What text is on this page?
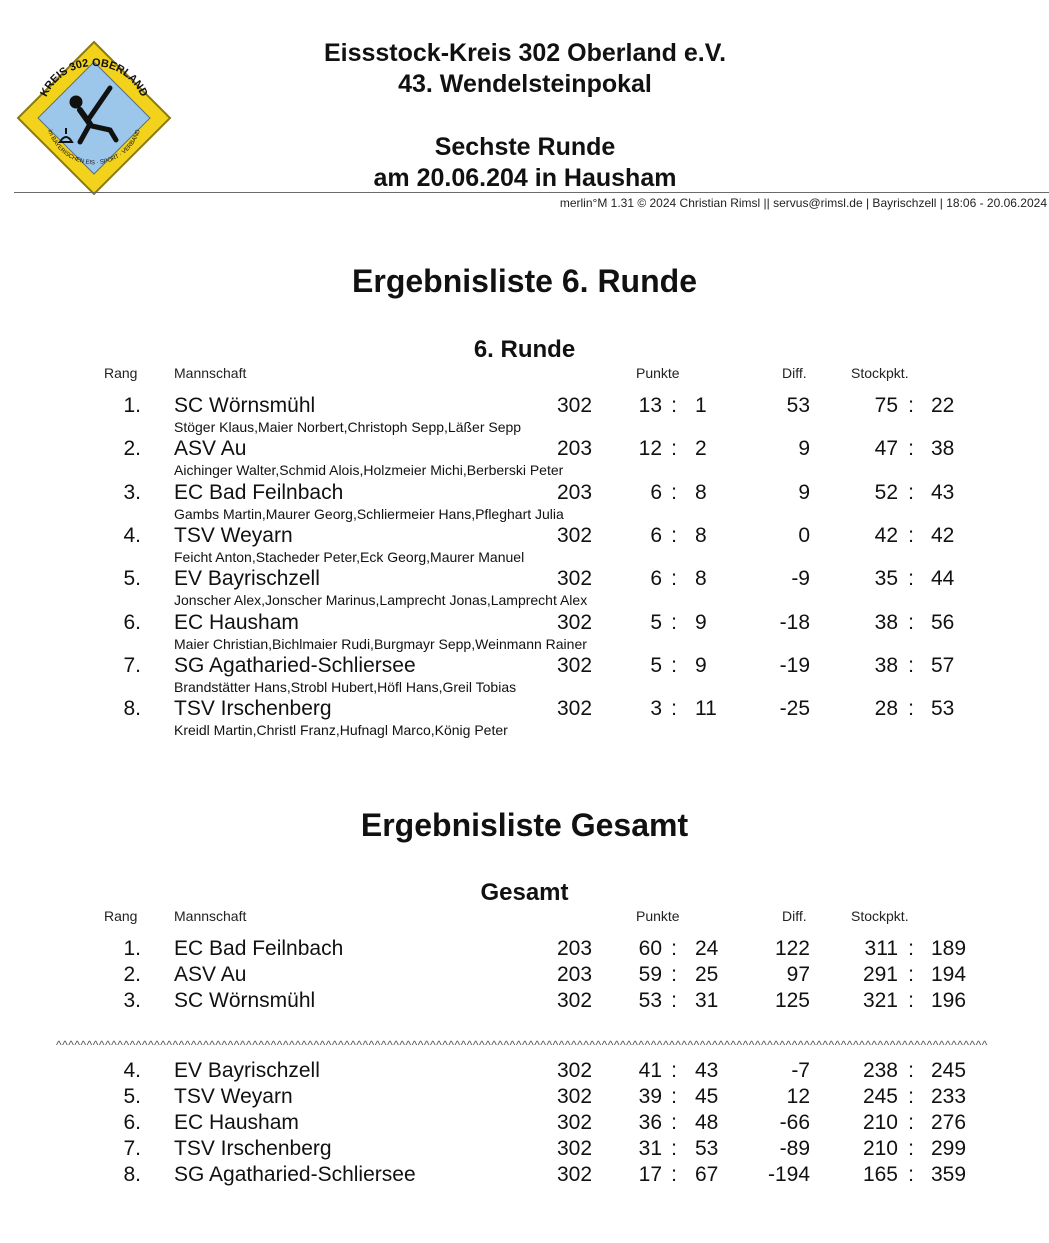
KREIS 302 OBERLAND
im BAYERISCHEN EIS · SPORT · VERBAND
Eissstock-Kreis 302 Oberland e.V.
43. Wendelsteinpokal
Sechste Runde
am 20.06.204 in Hausham
merlin°M 1.31 © 2024 Christian Rimsl || servus@rimsl.de | Bayrischzell | 18:06 - 20.06.2024
Ergebnisliste 6. Runde
6. Runde
Rang	Mannschaft	Punkte	Diff.	Stockpkt.
1. SC Wörnsmühl	302	13 : 1	53	75 : 22
Stöger Klaus,Maier Norbert,Christoph Sepp,Läßer Sepp
2. ASV Au	203	12 : 2	9	47 : 38
Aichinger Walter,Schmid Alois,Holzmeier Michi,Berberski Peter
3. EC Bad Feilnbach	203	6 : 8	9	52 : 43
Gambs Martin,Maurer Georg,Schliermeier Hans,Pfleghart Julia
4. TSV Weyarn	302	6 : 8	0	42 : 42
Feicht Anton,Stacheder Peter,Eck Georg,Maurer Manuel
5. EV Bayrischzell	302	6 : 8	-9	35 : 44
Jonscher Alex,Jonscher Marinus,Lamprecht Jonas,Lamprecht Alex
6. EC Hausham	302	5 : 9	-18	38 : 56
Maier Christian,Bichlmaier Rudi,Burgmayr Sepp,Weinmann Rainer
7. SG Agatharied-Schliersee	302	5 : 9	-19	38 : 57
Brandstätter Hans,Strobl Hubert,Höfl Hans,Greil Tobias
8. TSV Irschenberg	302	3 : 11	-25	28 : 53
Kreidl Martin,Christl Franz,Hufnagl Marco,König Peter
Ergebnisliste Gesamt
Gesamt
Rang	Mannschaft	Punkte	Diff.	Stockpkt.
1. EC Bad Feilnbach	203	60 : 24	122	311 : 189
2. ASV Au	203	59 : 25	97	291 : 194
3. SC Wörnsmühl	302	53 : 31	125	321 : 196
^^^^^^^^^^^^^^^^^^^^^^^^^^^^^^^^^^^^^^^^^^^^^^^^^^^^^^^^^^^^^^^^^^^^^^^^^^^^^^^^^^^^^^^^^^^^^^^^^^^^^^^^^^^^^^^^^^^^^^^^^^^^^^^^^^^^^^^^^^^^^^^^^^^^^^^^
4. EV Bayrischzell	302	41 : 43	-7	238 : 245
5. TSV Weyarn	302	39 : 45	12	245 : 233
6. EC Hausham	302	36 : 48	-66	210 : 276
7. TSV Irschenberg	302	31 : 53	-89	210 : 299
8. SG Agatharied-Schliersee	302	17 : 67	-194	165 : 359
